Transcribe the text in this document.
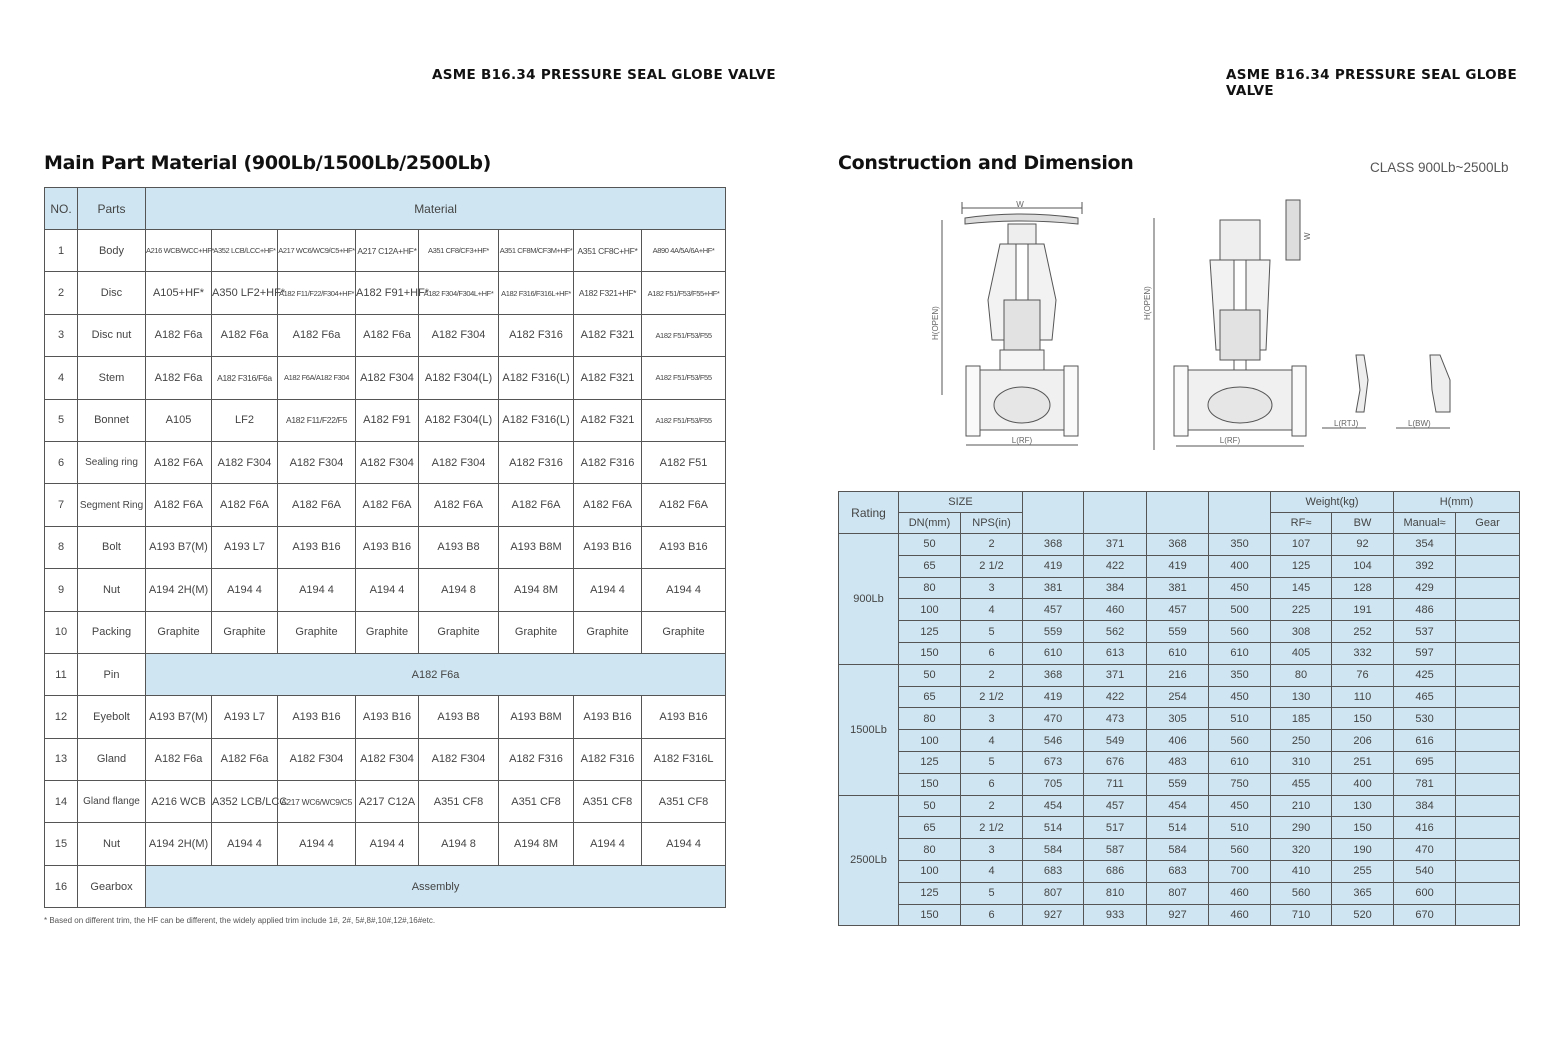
ASME B16.34 PRESSURE SEAL GLOBE VALVE	ASME B16.34 PRESSURE SEAL GLOBE VALVE
Main Part Material (900Lb/1500Lb/2500Lb)	Construction and Dimension	CLASS 900Lb~2500Lb
NO.	Parts	Material							
1	Body	A216 WCB/WCC+HF*	A352 LCB/LCC+HF*	A217 WC6/WC9/C5+HF*	A217 C12A+HF*	A351 CF8/CF3+HF*	A351 CF8M/CF3M+HF*	A351 CF8C+HF*	A890 4A/5A/6A+HF*
2	Disc	A105+HF*	A350 LF2+HF*	A182 F11/F22/F304+HF*	A182 F91+HF*	A182 F304/F304L+HF*	A182 F316/F316L+HF*	A182 F321+HF*	A182 F51/F53/F55+HF*
3	Disc nut	A182 F6a	A182 F6a	A182 F6a	A182 F6a	A182 F304	A182 F316	A182 F321	A182 F51/F53/F55
4	Stem	A182 F6a	A182 F316/F6a	A182 F6A/A182 F304	A182 F304	A182 F304(L)	A182 F316(L)	A182 F321	A182 F51/F53/F55
5	Bonnet	A105	LF2	A182 F11/F22/F5	A182 F91	A182 F304(L)	A182 F316(L)	A182 F321	A182 F51/F53/F55
6	Sealing ring	A182 F6A	A182 F304	A182 F304	A182 F304	A182 F304	A182 F316	A182 F316	A182 F51
7	Segment Ring	A182 F6A	A182 F6A	A182 F6A	A182 F6A	A182 F6A	A182 F6A	A182 F6A	A182 F6A
8	Bolt	A193 B7(M)	A193 L7	A193 B16	A193 B16	A193 B8	A193 B8M	A193 B16	A193 B16
9	Nut	A194 2H(M)	A194 4	A194 4	A194 4	A194 8	A194 8M	A194 4	A194 4
10	Packing	Graphite	Graphite	Graphite	Graphite	Graphite	Graphite	Graphite	Graphite
11	Pin	A182 F6a							
12	Eyebolt	A193 B7(M)	A193 L7	A193 B16	A193 B16	A193 B8	A193 B8M	A193 B16	A193 B16
13	Gland	A182 F6a	A182 F6a	A182 F304	A182 F304	A182 F304	A182 F316	A182 F316	A182 F316L
14	Gland flange	A216 WCB	A352 LCB/LCC	A217 WC6/WC9/C5	A217 C12A	A351 CF8	A351 CF8	A351 CF8	A351 CF8
15	Nut	A194 2H(M)	A194 4	A194 4	A194 4	A194 8	A194 8M	A194 4	A194 4
16	Gearbox	Assembly							
* Based on different trim, the HF can be different, the widely applied trim include 1#, 2#, 5#,8#,10#,12#,16#etc.
W
H(OPEN)
L(RF)
H(OPEN)
W
L(RF)
L(RTJ)	L(BW)
Rating	SIZE						Weight(kg)		H(mm)	
	DN(mm)	NPS(in)					RF≈	BW	Manual≈	Gear
900Lb	50	2	368	371	368	350	107	92	354	
	65	2 1/2	419	422	419	400	125	104	392	
	80	3	381	384	381	450	145	128	429	
	100	4	457	460	457	500	225	191	486	
	125	5	559	562	559	560	308	252	537	
	150	6	610	613	610	610	405	332	597	
1500Lb	50	2	368	371	216	350	80	76	425	
	65	2 1/2	419	422	254	450	130	110	465	
	80	3	470	473	305	510	185	150	530	
	100	4	546	549	406	560	250	206	616	
	125	5	673	676	483	610	310	251	695	
	150	6	705	711	559	750	455	400	781	
2500Lb	50	2	454	457	454	450	210	130	384	
	65	2 1/2	514	517	514	510	290	150	416	
	80	3	584	587	584	560	320	190	470	
	100	4	683	686	683	700	410	255	540	
	125	5	807	810	807	460	560	365	600	
	150	6	927	933	927	460	710	520	670	
